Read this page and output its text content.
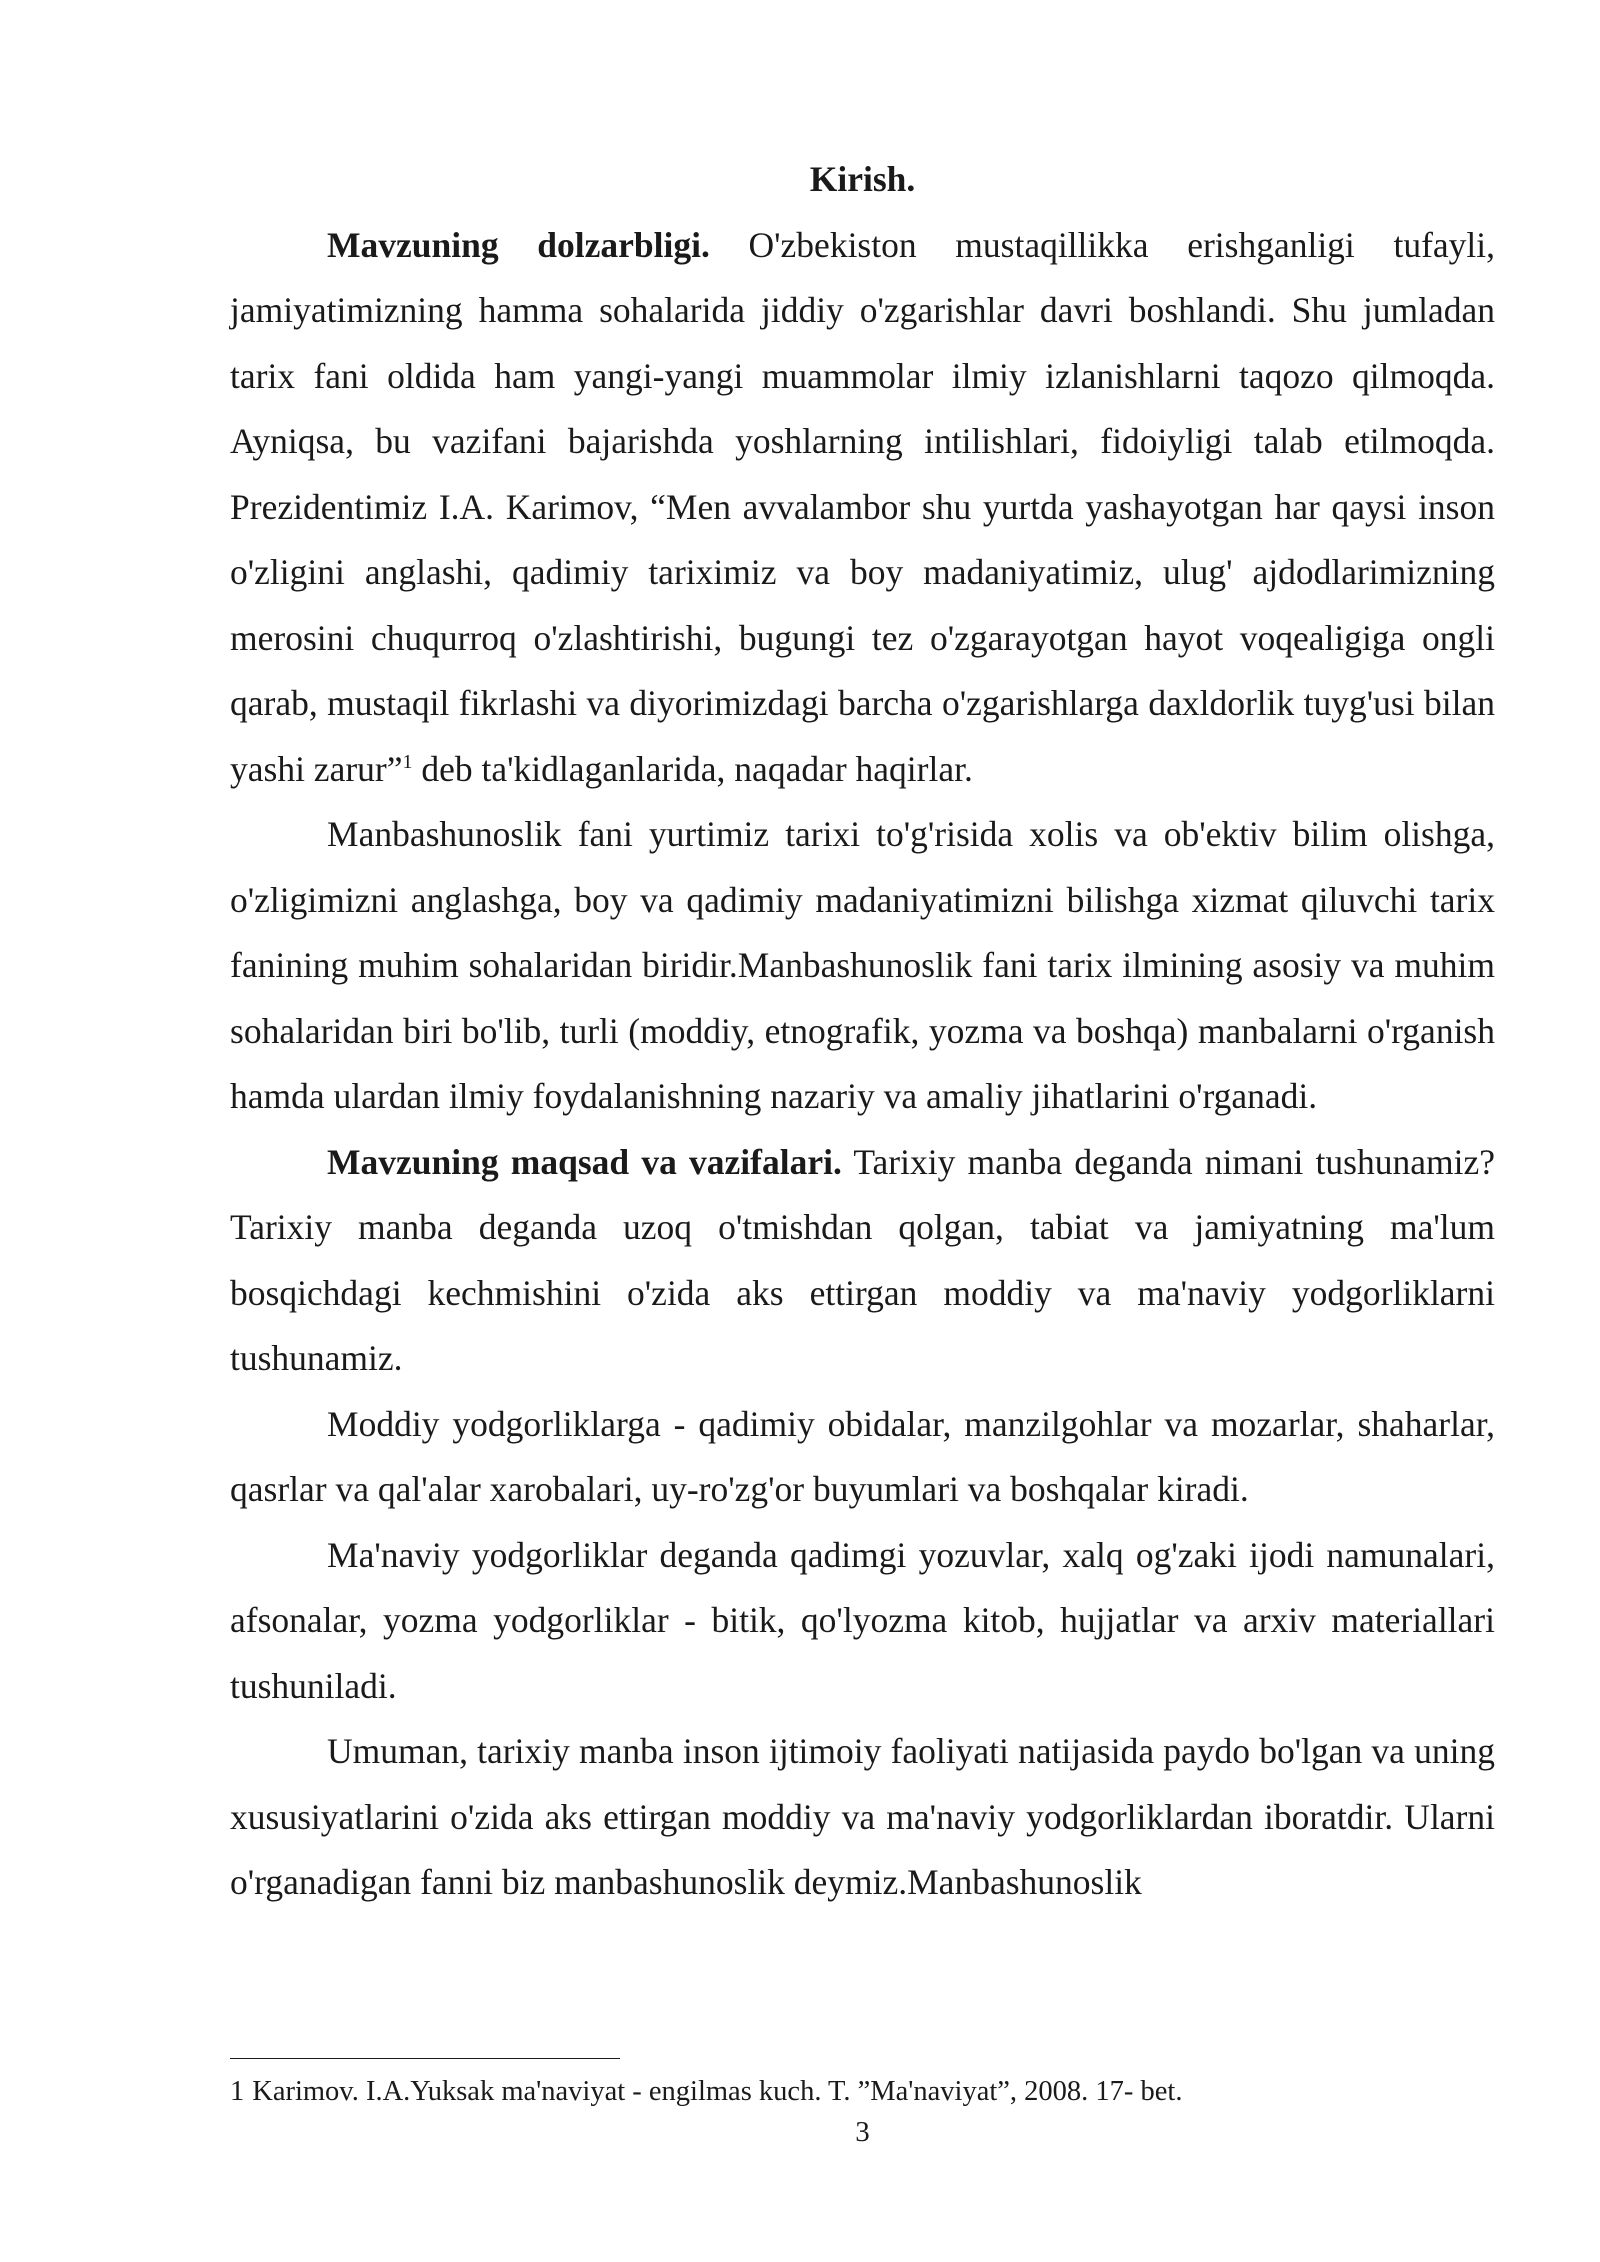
Kirish.

Mavzuning dolzarbligi. O'zbekiston mustaqillikka erishganligi tufayli, jamiyatimizning hamma sohalarida jiddiy o'zgarishlar davri boshlandi. Shu jumladan tarix fani oldida ham yangi-yangi muammolar ilmiy izlanishlarni taqozo qilmoqda. Ayniqsa, bu vazifani bajarishda yoshlarning intilishlari, fidoiyligi talab etilmoqda. Prezidentimiz I.A. Karimov, “Men avvalambor shu yurtda yashayotgan har qaysi inson o'zligini anglashi, qadimiy tariximiz va boy madaniyatimiz, ulug' ajdodlarimizning merosini chuqurroq o'zlashtirishi, bugungi tez o'zgarayotgan hayot voqealigiga ongli qarab, mustaqil fikrlashi va diyorimizdagi barcha o'zgarishlarga daxldorlik tuyg'usi bilan yashi zarur”$^1$ deb ta'kidlaganlarida, naqadar haqirlar.

Manbashunoslik fani yurtimiz tarixi to'g'risida xolis va ob'ektiv bilim olishga, o'zligimizni anglashga, boy va qadimiy madaniyatimizni bilishga xizmat qiluvchi tarix fanining muhim sohalaridan biridir.Manbashunoslik fani tarix ilmining asosiy va muhim sohalaridan biri bo'lib, turli (moddiy, etnografik, yozma va boshqa) manbalarni o'rganish hamda ulardan ilmiy foydalanishning nazariy va amaliy jihatlarini o'rganadi.

Mavzuning maqsad va vazifalari. Tarixiy manba deganda nimani tushunamiz? Tarixiy manba deganda uzoq o'tmishdan qolgan, tabiat va jamiyatning ma'lum bosqichdagi kechmishini o'zida aks ettirgan moddiy va ma'naviy yodgorliklarni tushunamiz.

Moddiy yodgorliklarga - qadimiy obidalar, manzilgohlar va mozarlar, shaharlar, qasrlar va qal'alar xarobalari, uy-ro'zg'or buyumlari va boshqalar kiradi.

Ma'naviy yodgorliklar deganda qadimgi yozuvlar, xalq og'zaki ijodi namunalari, afsonalar, yozma yodgorliklar - bitik, qo'lyozma kitob, hujjatlar va arxiv materiallari tushuniladi.

Umuman, tarixiy manba inson ijtimoiy faoliyati natijasida paydo bo'lgan va uning xususiyatlarini o'zida aks ettirgan moddiy va ma'naviy yodgorliklardan iboratdir. Ularni o'rganadigan fanni biz manbashunoslik deymiz.Manbashunoslik

1 Karimov. I.A.Yuksak ma'naviyat - engilmas kuch. T. ”Ma'naviyat”, 2008. 17- bet.

3
